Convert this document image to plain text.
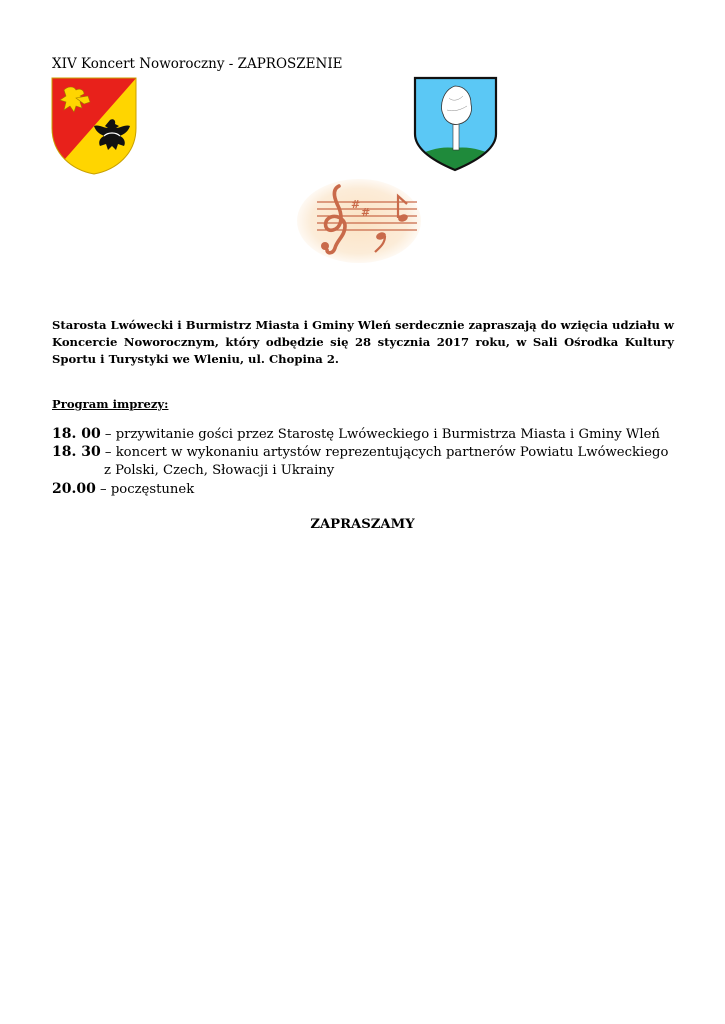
XIV Koncert Noworoczny - ZAPROSZENIE
#
#
Starosta Lwówecki i Burmistrz Miasta i Gminy Wleń serdecznie zapraszają do wzięcia udziału w Koncercie Noworocznym, który odbędzie się 28 stycznia 2017 roku, w Sali Ośrodka Kultury Sportu i Turystyki we Wleniu, ul. Chopina 2.
Program imprezy:
18. 00 – przywitanie gości przez Starostę Lwóweckiego i Burmistrza Miasta i Gminy Wleń
18. 30 – koncert w wykonaniu artystów reprezentujących partnerów Powiatu Lwóweckiego
z Polski, Czech, Słowacji i Ukrainy
20.00 – poczęstunek
ZAPRASZAMY
